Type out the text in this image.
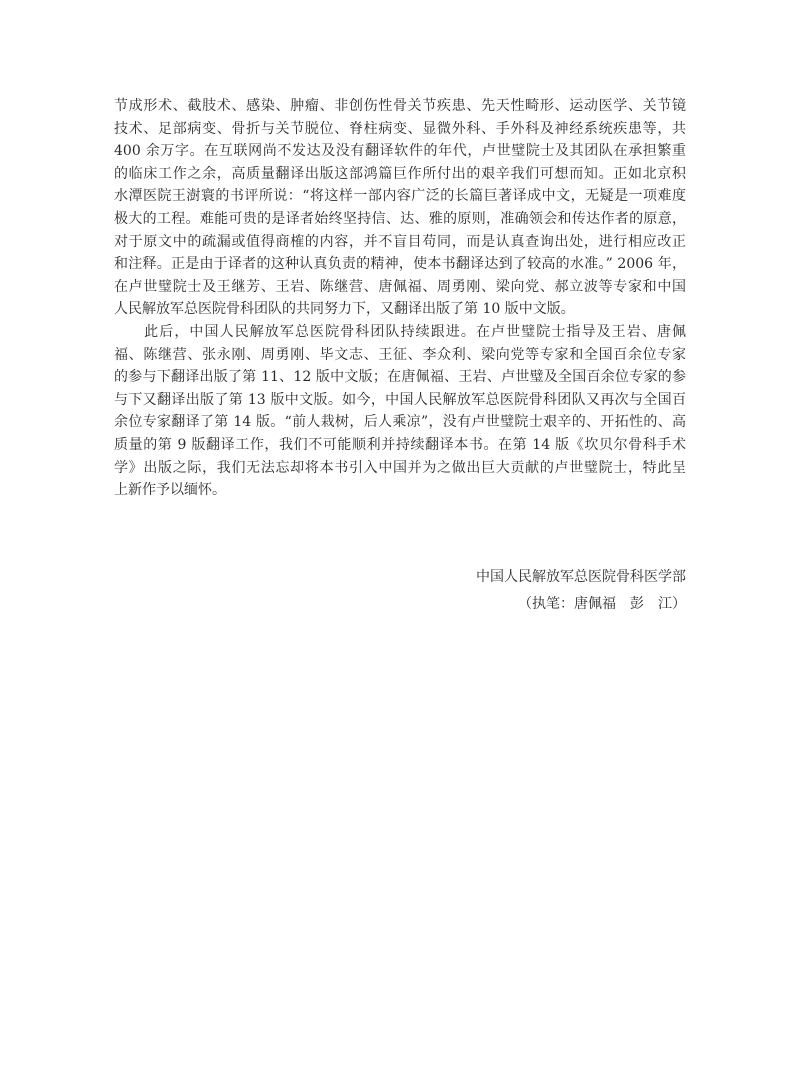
节成形术、截肢术、感染、肿瘤、非创伤性骨关节疾患、先天性畸形、运动医学、关节镜
技术、足部病变、骨折与关节脱位、脊柱病变、显微外科、手外科及神经系统疾患等，共
400 余万字。在互联网尚不发达及没有翻译软件的年代，卢世璧院士及其团队在承担繁重
的临床工作之余，高质量翻译出版这部鸿篇巨作所付出的艰辛我们可想而知。正如北京积
水潭医院王澍寰的书评所说：“将这样一部内容广泛的长篇巨著译成中文，无疑是一项难度
极大的工程。难能可贵的是译者始终坚持信、达、雅的原则，准确领会和传达作者的原意，
对于原文中的疏漏或值得商榷的内容，并不盲目苟同，而是认真查询出处，进行相应改正
和注释。正是由于译者的这种认真负责的精神，使本书翻译达到了较高的水准。” 2006 年，
在卢世璧院士及王继芳、王岩、陈继营、唐佩福、周勇刚、梁向党、郝立波等专家和中国
人民解放军总医院骨科团队的共同努力下，又翻译出版了第 10 版中文版。
　　此后，中国人民解放军总医院骨科团队持续跟进。在卢世璧院士指导及王岩、唐佩
福、陈继营、张永刚、周勇刚、毕文志、王征、李众利、梁向党等专家和全国百余位专家
的参与下翻译出版了第 11、12 版中文版；在唐佩福、王岩、卢世璧及全国百余位专家的参
与下又翻译出版了第 13 版中文版。如今，中国人民解放军总医院骨科团队又再次与全国百
余位专家翻译了第 14 版。“前人栽树，后人乘凉”，没有卢世璧院士艰辛的、开拓性的、高
质量的第 9 版翻译工作，我们不可能顺利并持续翻译本书。在第 14 版《坎贝尔骨科手术
学》出版之际，我们无法忘却将本书引入中国并为之做出巨大贡献的卢世璧院士，特此呈
上新作予以缅怀。
中国人民解放军总医院骨科医学部
（执笔：唐佩福　彭　江）
